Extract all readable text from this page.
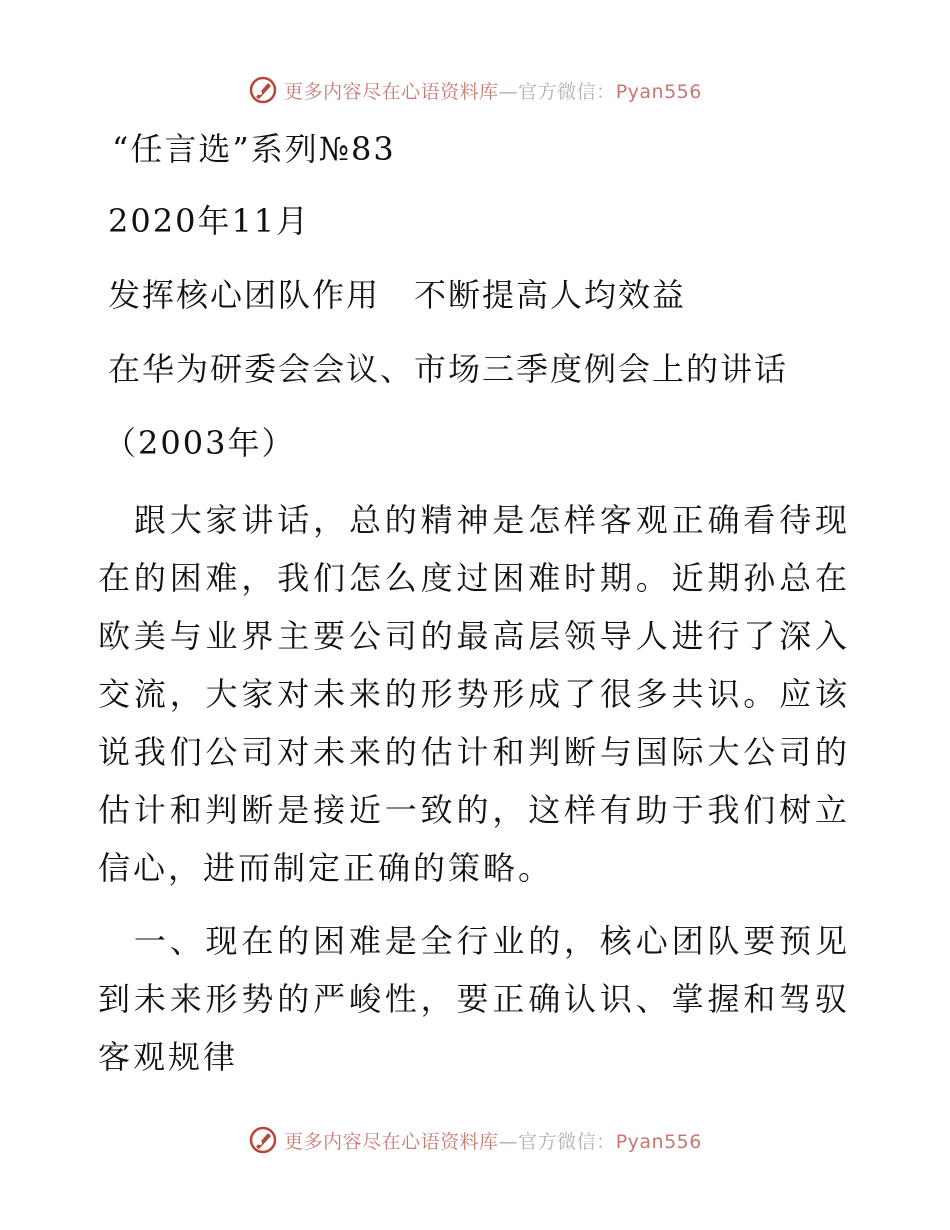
更多内容尽在心语资料库—官方微信：Pyan556
“任言选”系列№83
2020年11月
发挥核心团队作用　不断提高人均效益
在华为研委会会议、市场三季度例会上的讲话
（2003年）
　跟大家讲话，总的精神是怎样客观正确看待现在的困难，我们怎么度过困难时期。近期孙总在欧美与业界主要公司的最高层领导人进行了深入交流，大家对未来的形势形成了很多共识。应该说我们公司对未来的估计和判断与国际大公司的估计和判断是接近一致的，这样有助于我们树立信心，进而制定正确的策略。
　一、现在的困难是全行业的，核心团队要预见到未来形势的严峻性，要正确认识、掌握和驾驭客观规律
更多内容尽在心语资料库—官方微信：Pyan556
